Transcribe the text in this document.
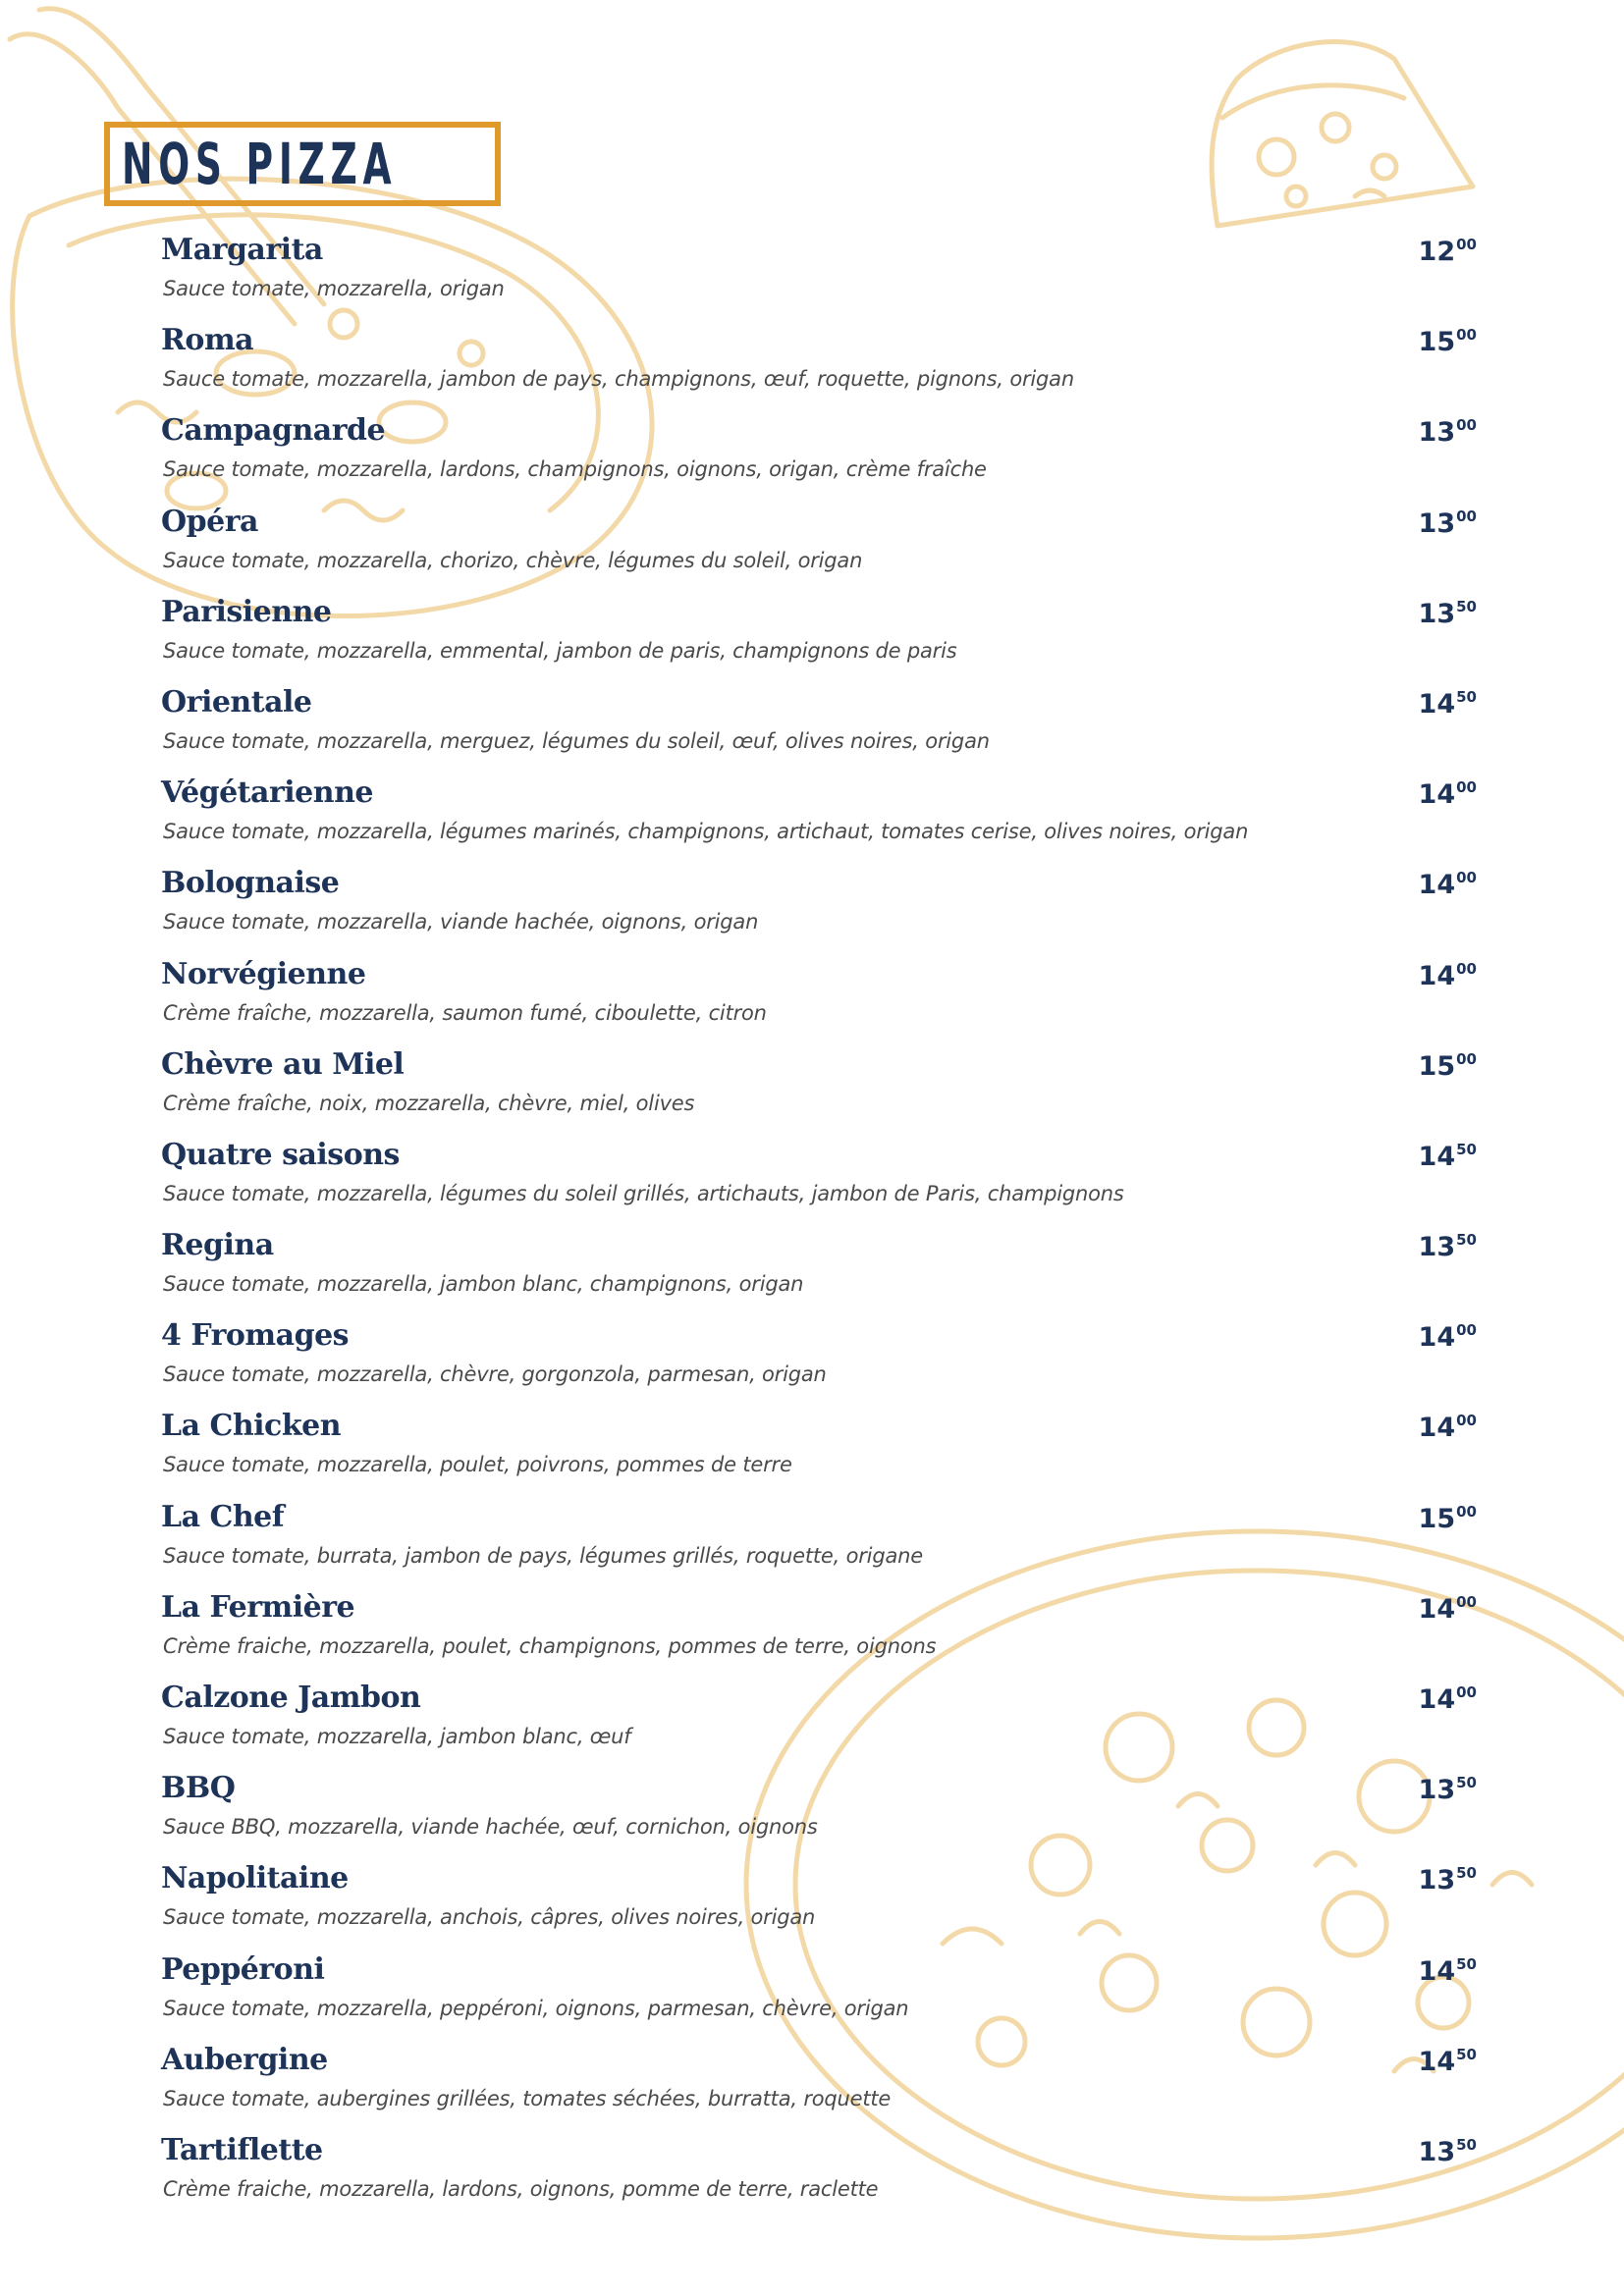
NOS PIZZA
Margarita
Sauce tomate, mozzarella, origan
1200
Roma
Sauce tomate, mozzarella, jambon de pays, champignons, œuf, roquette, pignons, origan
1500
Campagnarde
Sauce tomate, mozzarella, lardons, champignons, oignons, origan, crème fraîche
1300
Opéra
Sauce tomate, mozzarella, chorizo, chèvre, légumes du soleil, origan
1300
Parisienne
Sauce tomate, mozzarella, emmental, jambon de paris, champignons de paris
1350
Orientale
Sauce tomate, mozzarella, merguez, légumes du soleil, œuf, olives noires, origan
1450
Végétarienne
Sauce tomate, mozzarella, légumes marinés, champignons, artichaut, tomates cerise, olives noires, origan
1400
Bolognaise
Sauce tomate, mozzarella, viande hachée, oignons, origan
1400
Norvégienne
Crème fraîche, mozzarella, saumon fumé, ciboulette, citron
1400
Chèvre au Miel
Crème fraîche, noix, mozzarella, chèvre, miel, olives
1500
Quatre saisons
Sauce tomate, mozzarella, légumes du soleil grillés, artichauts, jambon de Paris, champignons
1450
Regina
Sauce tomate, mozzarella, jambon blanc, champignons, origan
1350
4 Fromages
Sauce tomate, mozzarella, chèvre, gorgonzola, parmesan, origan
1400
La Chicken
Sauce tomate, mozzarella, poulet, poivrons, pommes de terre
1400
La Chef
Sauce tomate, burrata, jambon de pays, légumes grillés, roquette, origane
1500
La Fermière
Crème fraiche, mozzarella, poulet, champignons, pommes de terre, oignons
1400
Calzone Jambon
Sauce tomate, mozzarella, jambon blanc, œuf
1400
BBQ
Sauce BBQ, mozzarella, viande hachée, œuf, cornichon, oignons
1350
Napolitaine
Sauce tomate, mozzarella, anchois, câpres, olives noires, origan
1350
Peppéroni
Sauce tomate, mozzarella, peppéroni, oignons, parmesan, chèvre, origan
1450
Aubergine
Sauce tomate, aubergines grillées, tomates séchées, burratta, roquette
1450
Tartiflette
Crème fraiche, mozzarella, lardons, oignons, pomme de terre, raclette
1350
